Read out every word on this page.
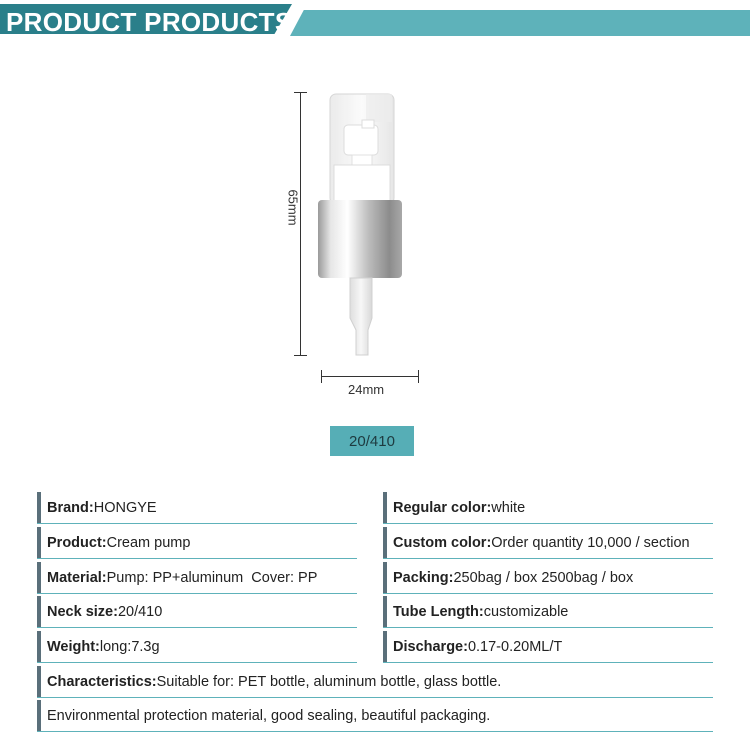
PRODUCT PRODUCTS
65mm
24mm
20/410
Brand:HONGYE	Regular color:white
Product:Cream pump	Custom color:Order quantity 10,000 / section
Material:Pump: PP+aluminum  Cover: PP	Packing:250bag / box 2500bag / box
Neck size:20/410	Tube Length:customizable
Weight:long:7.3g	Discharge:0.17-0.20ML/T
Characteristics:Suitable for: PET bottle, aluminum bottle, glass bottle.
Environmental protection material, good sealing, beautiful packaging.
